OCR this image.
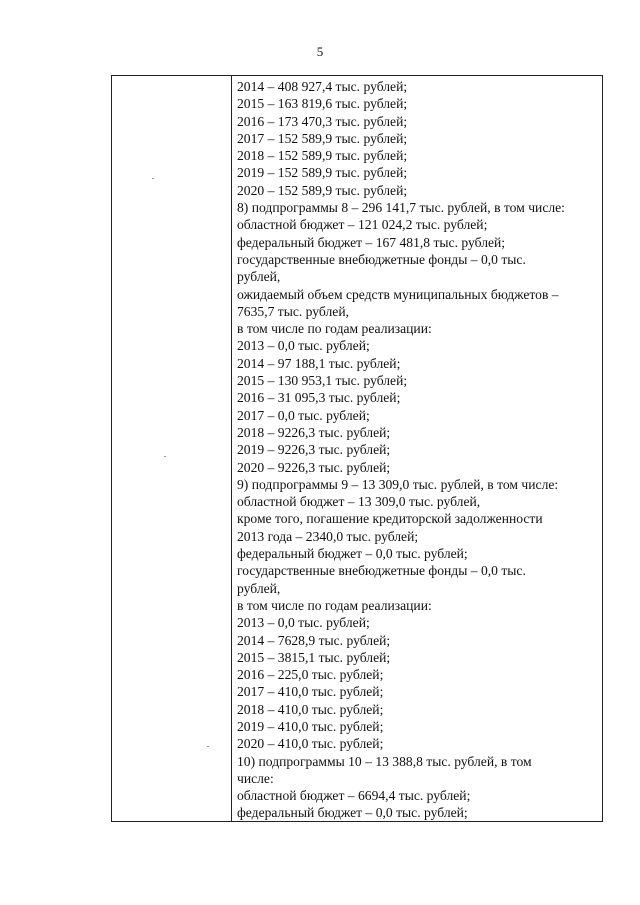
5
2014 – 408 927,4 тыс. рублей;
2015 – 163 819,6 тыс. рублей;
2016 – 173 470,3 тыс. рублей;
2017 – 152 589,9 тыс. рублей;
2018 – 152 589,9 тыс. рублей;
2019 – 152 589,9 тыс. рублей;
2020 – 152 589,9 тыс. рублей;
8) подпрограммы 8 – 296 141,7 тыс. рублей, в том числе:
областной бюджет – 121 024,2 тыс. рублей;
федеральный бюджет – 167 481,8 тыс. рублей;
государственные внебюджетные фонды – 0,0 тыс.
рублей,
ожидаемый объем средств муниципальных бюджетов –
7635,7 тыс. рублей,
в том числе по годам реализации:
2013 – 0,0 тыс. рублей;
2014 – 97 188,1 тыс. рублей;
2015 – 130 953,1 тыс. рублей;
2016 – 31 095,3 тыс. рублей;
2017 – 0,0 тыс. рублей;
2018 – 9226,3 тыс. рублей;
2019 – 9226,3 тыс. рублей;
2020 – 9226,3 тыс. рублей;
9) подпрограммы 9 – 13 309,0 тыс. рублей, в том числе:
областной бюджет – 13 309,0 тыс. рублей,
кроме того, погашение кредиторской задолженности
2013 года – 2340,0 тыс. рублей;
федеральный бюджет – 0,0 тыс. рублей;
государственные внебюджетные фонды – 0,0 тыс.
рублей,
в том числе по годам реализации:
2013 – 0,0 тыс. рублей;
2014 – 7628,9 тыс. рублей;
2015 – 3815,1 тыс. рублей;
2016 – 225,0 тыс. рублей;
2017 – 410,0 тыс. рублей;
2018 – 410,0 тыс. рублей;
2019 – 410,0 тыс. рублей;
2020 – 410,0 тыс. рублей;
10) подпрограммы 10 – 13 388,8 тыс. рублей, в том
числе:
областной бюджет – 6694,4 тыс. рублей;
федеральный бюджет – 0,0 тыс. рублей;
